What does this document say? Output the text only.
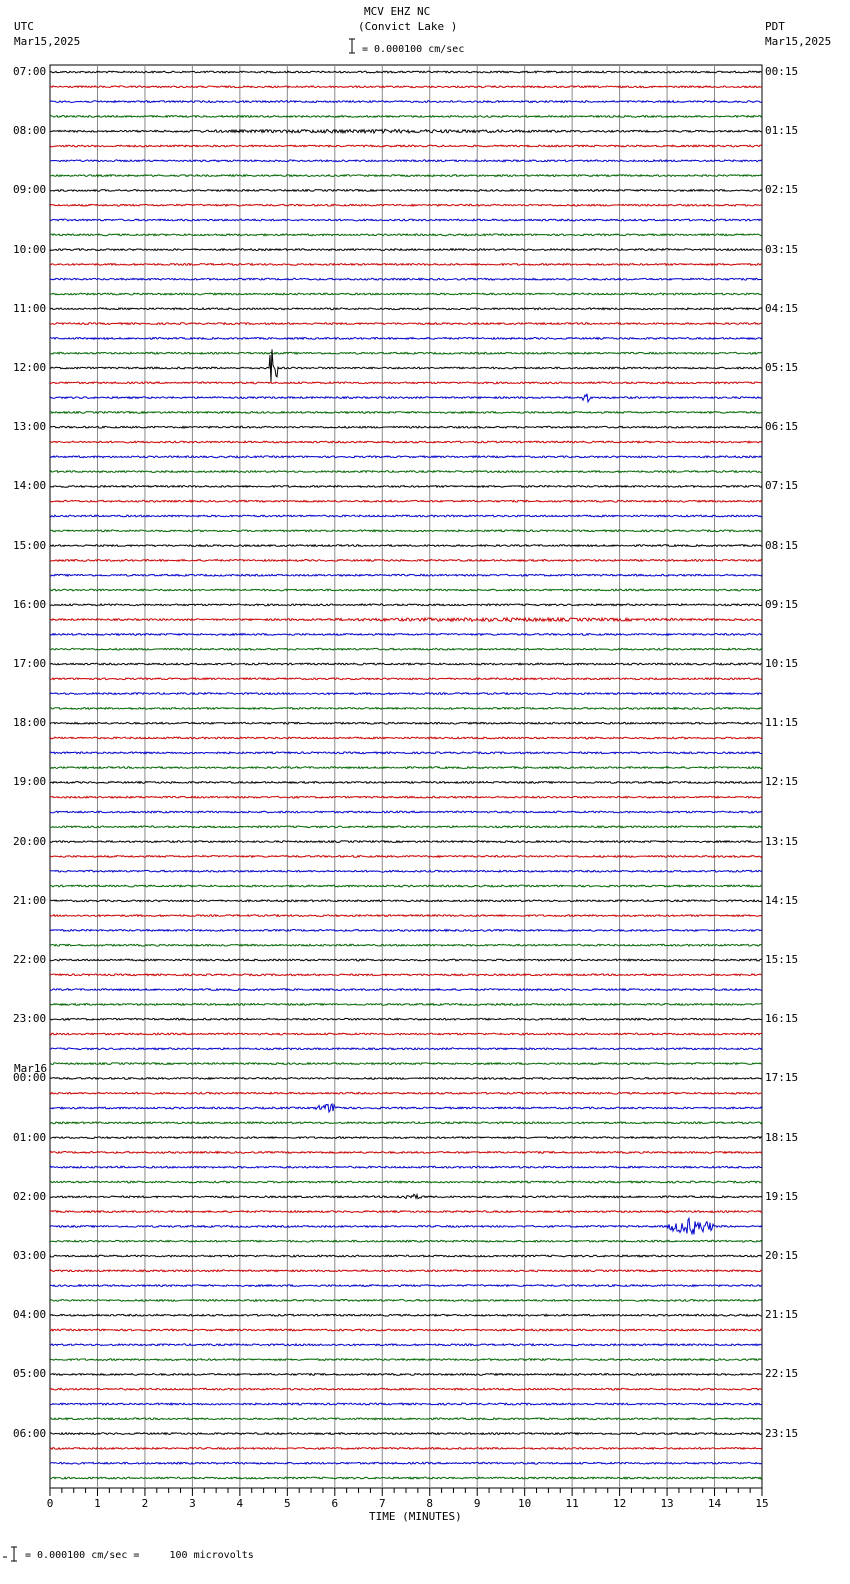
0	1	2	3	4	5	6	7	8	9	10	11	12	13	14	15
MCV EHZ NC
(Convict Lake )
UTC
Mar15,2025
PDT
Mar15,2025
= 0.000100 cm/sec
Mar16
TIME (MINUTES)
= 0.000100 cm/sec =     100 microvolts
07:00
08:00
09:00
10:00
11:00
12:00
13:00
14:00
15:00
16:00
17:00
18:00
19:00
20:00
21:00
22:00
23:00
00:00
01:00
02:00
03:00
04:00
05:00
06:00
00:15
01:15
02:15
03:15
04:15
05:15
06:15
07:15
08:15
09:15
10:15
11:15
12:15
13:15
14:15
15:15
16:15
17:15
18:15
19:15
20:15
21:15
22:15
23:15
